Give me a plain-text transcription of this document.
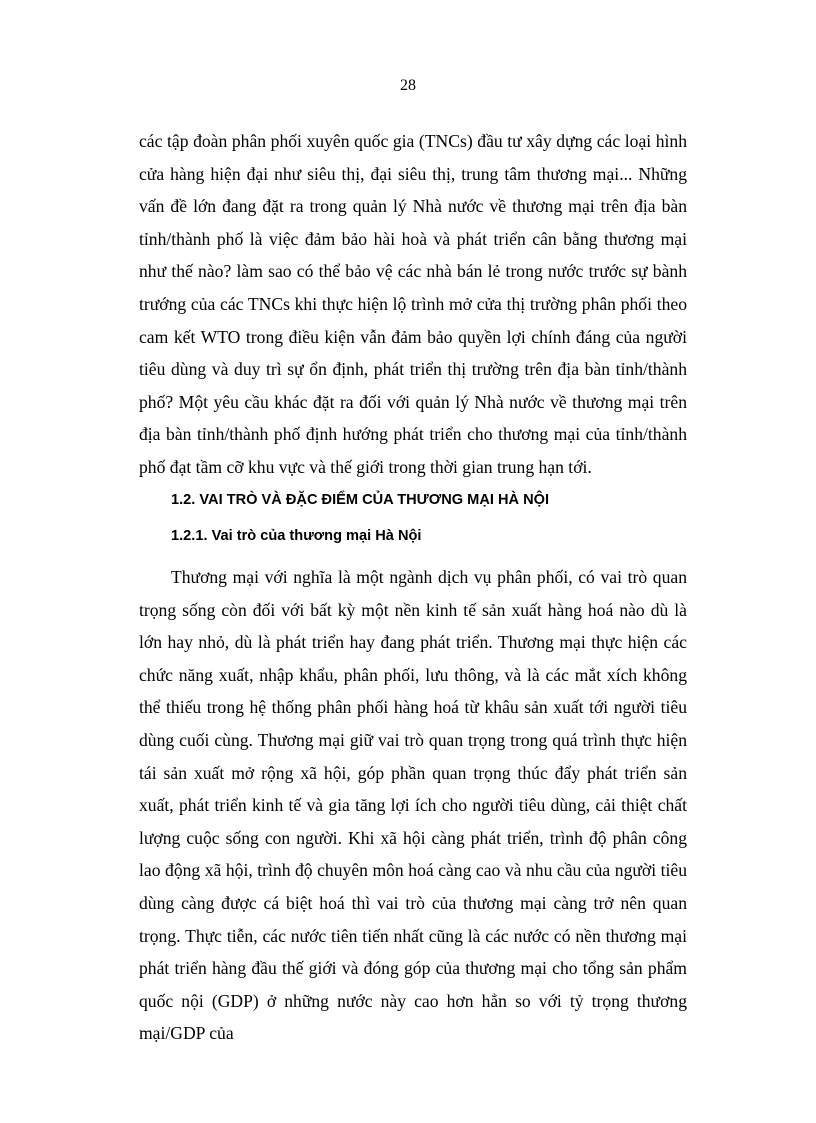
28

các tập đoàn phân phối xuyên quốc gia (TNCs) đầu tư xây dựng các loại hình cửa hàng hiện đại như siêu thị, đại siêu thị, trung tâm thương mại... Những vấn đề lớn đang đặt ra trong quản lý Nhà nước về thương mại trên địa bàn tỉnh/thành phố là việc đảm bảo hài hoà và phát triển cân bằng thương mại như thế nào? làm sao có thể bảo vệ các nhà bán lẻ trong nước trước sự bành trướng của các TNCs khi thực hiện lộ trình mở cửa thị trường phân phối theo cam kết WTO trong điều kiện vẫn đảm bảo quyền lợi chính đáng của người tiêu dùng và duy trì sự ổn định, phát triển thị trường trên địa bàn tỉnh/thành phố? Một yêu cầu khác đặt ra đối với quản lý Nhà nước về thương mại trên địa bàn tỉnh/thành phố định hướng phát triển cho thương mại của tỉnh/thành phố đạt tầm cỡ khu vực và thế giới trong thời gian trung hạn tới.

1.2. VAI TRÒ VÀ ĐẶC ĐIỂM CỦA THƯƠNG MẠI HÀ NỘI
1.2.1. Vai trò của thương mại Hà Nội

Thương mại với nghĩa là một ngành dịch vụ phân phối, có vai trò quan trọng sống còn đối với bất kỳ một nền kinh tế sản xuất hàng hoá nào dù là lớn hay nhỏ, dù là phát triển hay đang phát triển. Thương mại thực hiện các chức năng xuất, nhập khẩu, phân phối, lưu thông, và là các mắt xích không thể thiếu trong hệ thống phân phối hàng hoá từ khâu sản xuất tới người tiêu dùng cuối cùng. Thương mại giữ vai trò quan trọng trong quá trình thực hiện tái sản xuất mở rộng xã hội, góp phần quan trọng thúc đẩy phát triển sản xuất, phát triển kinh tế và gia tăng lợi ích cho người tiêu dùng, cải thiệt chất lượng cuộc sống con người. Khi xã hội càng phát triển, trình độ phân công lao động xã hội, trình độ chuyên môn hoá càng cao và nhu cầu của người tiêu dùng càng được cá biệt hoá thì vai trò của thương mại càng trở nên quan trọng. Thực tiễn, các nước tiên tiến nhất cũng là các nước có nền thương mại phát triển hàng đầu thế giới và đóng góp của thương mại cho tổng sản phẩm quốc nội (GDP) ở những nước này cao hơn hẳn so với tỷ trọng thương mại/GDP của
